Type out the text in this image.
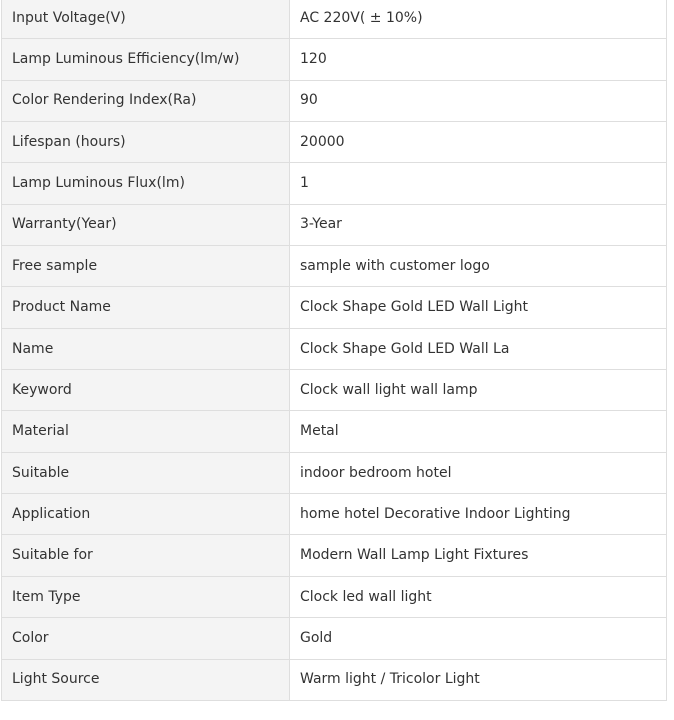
Input Voltage(V)	AC 220V( ± 10%)
Lamp Luminous Efficiency(lm/w)	120
Color Rendering Index(Ra)	90
Lifespan (hours)	20000
Lamp Luminous Flux(lm)	1
Warranty(Year)	3-Year
Free sample	sample with customer logo
Product Name	Clock Shape Gold LED Wall Light
Name	Clock Shape Gold LED Wall La
Keyword	Clock wall light wall lamp
Material	Metal
Suitable	indoor bedroom hotel
Application	home hotel Decorative Indoor Lighting
Suitable for	Modern Wall Lamp Light Fixtures
Item Type	Clock led wall light
Color	Gold
Light Source	Warm light / Tricolor Light
